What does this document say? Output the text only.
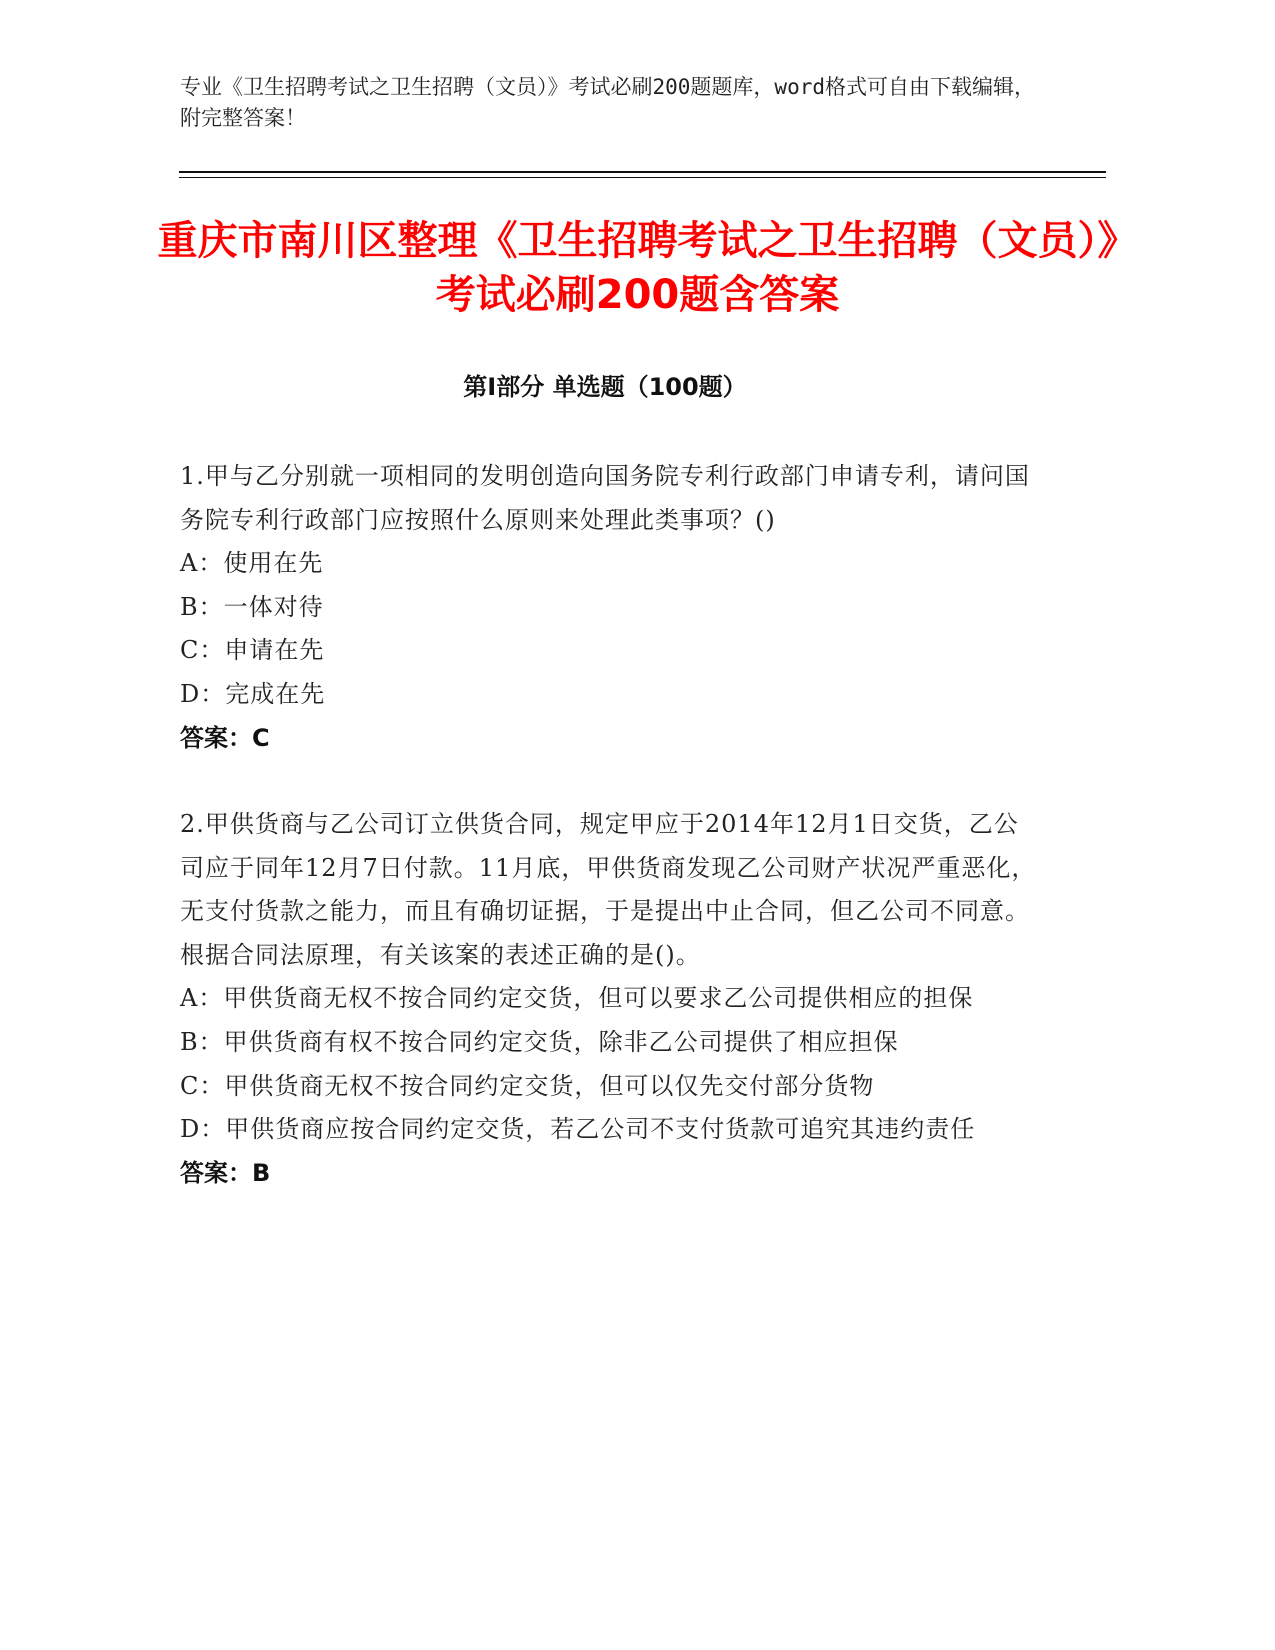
专业《卫生招聘考试之卫生招聘（文员）》考试必刷200题题库，word格式可自由下载编辑，附完整答案！
重庆市南川区整理《卫生招聘考试之卫生招聘（文员）》考试必刷200题含答案
第Ⅰ部分 单选题（100题）
1.甲与乙分别就一项相同的发明创造向国务院专利行政部门申请专利，请问国务院专利行政部门应按照什么原则来处理此类事项？()
A：使用在先
B：一体对待
C：申请在先
D：完成在先
答案：C
2.甲供货商与乙公司订立供货合同，规定甲应于2014年12月1日交货，乙公司应于同年12月7日付款。11月底，甲供货商发现乙公司财产状况严重恶化，无支付货款之能力，而且有确切证据，于是提出中止合同，但乙公司不同意。根据合同法原理，有关该案的表述正确的是()。
A：甲供货商无权不按合同约定交货，但可以要求乙公司提供相应的担保
B：甲供货商有权不按合同约定交货，除非乙公司提供了相应担保
C：甲供货商无权不按合同约定交货，但可以仅先交付部分货物
D：甲供货商应按合同约定交货，若乙公司不支付货款可追究其违约责任
答案：B
